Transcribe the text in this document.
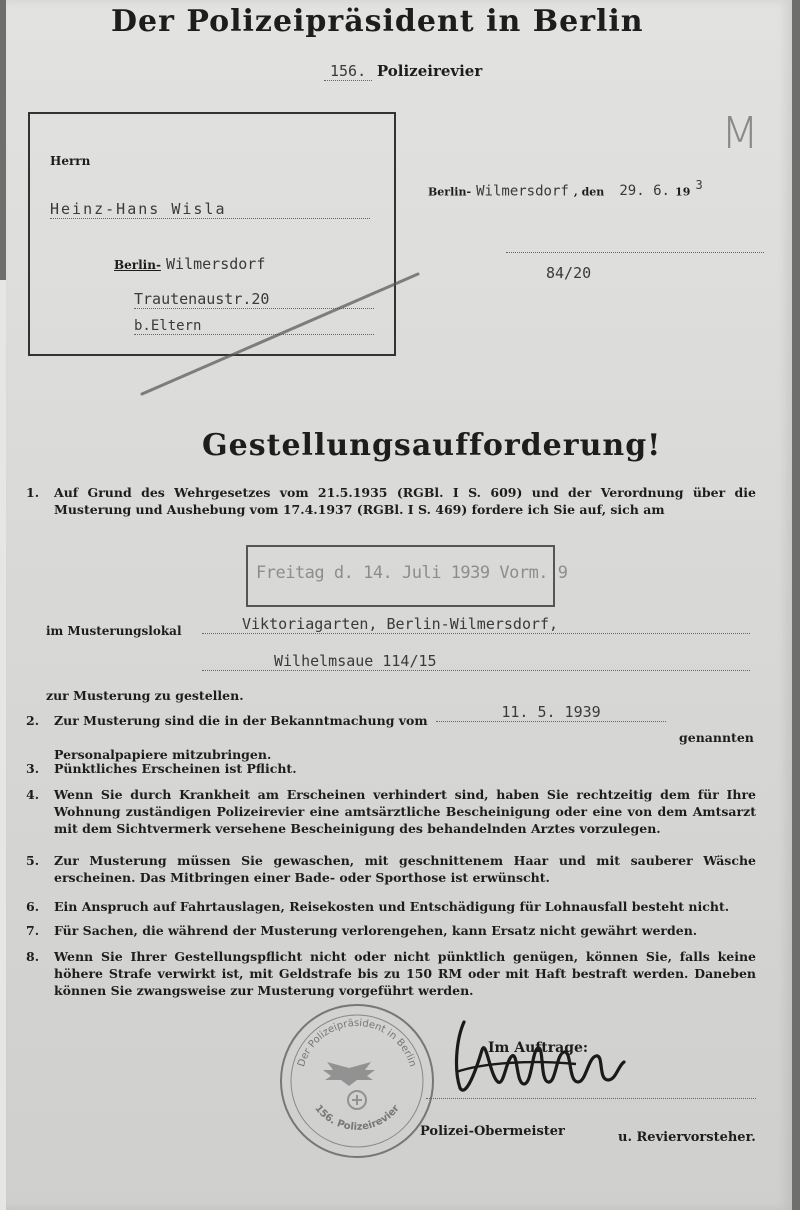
Der Polizeipräsident in Berlin
156. Polizeirevier
M
Herrn
Heinz-Hans Wisla
Berlin- Wilmersdorf
Trautenaustr.20
b.Eltern
Berlin- Wilmersdorf , den 29. 6. 19 $^3$
84/20
Gestellungsaufforderung!
1.	Auf Grund des Wehrgesetzes vom 21.5.1935 (RGBl. I S. 609) und der Verordnung über die Musterung und Aushebung vom 17.4.1937 (RGBl. I S. 469) fordere ich Sie auf, sich am
Freitag d. 14. Juli 1939 Vorm. 9
im Musterungslokal	Viktoriagarten, Berlin-Wilmersdorf,
Wilhelmsaue 114/15
zur Musterung zu gestellen.
2.	Zur Musterung sind die in der Bekanntmachung vom	11. 5. 1939
genannten Personalpapiere mitzubringen.
3.	Pünktliches Erscheinen ist Pflicht.
4.	Wenn Sie durch Krankheit am Erscheinen verhindert sind, haben Sie rechtzeitig dem für Ihre Wohnung zuständigen Polizeirevier eine amtsärztliche Bescheinigung oder eine von dem Amtsarzt mit dem Sichtvermerk versehene Bescheinigung des behandelnden Arztes vorzulegen.
5.	Zur Musterung müssen Sie gewaschen, mit geschnittenem Haar und mit sauberer Wäsche erscheinen. Das Mitbringen einer Bade- oder Sporthose ist erwünscht.
6.	Ein Anspruch auf Fahrtauslagen, Reisekosten und Entschädigung für Lohnausfall besteht nicht.
7.	Für Sachen, die während der Musterung verlorengehen, kann Ersatz nicht gewährt werden.
8.	Wenn Sie Ihrer Gestellungspflicht nicht oder nicht pünktlich genügen, können Sie, falls keine höhere Strafe verwirkt ist, mit Geldstrafe bis zu 150 RM oder mit Haft bestraft werden. Daneben können Sie zwangsweise zur Musterung vorgeführt werden.
Der Polizeipräsident in Berlin
156. Polizeirevier
Im Auftrage:
Polizei-Obermeister	u. Reviervorsteher.
